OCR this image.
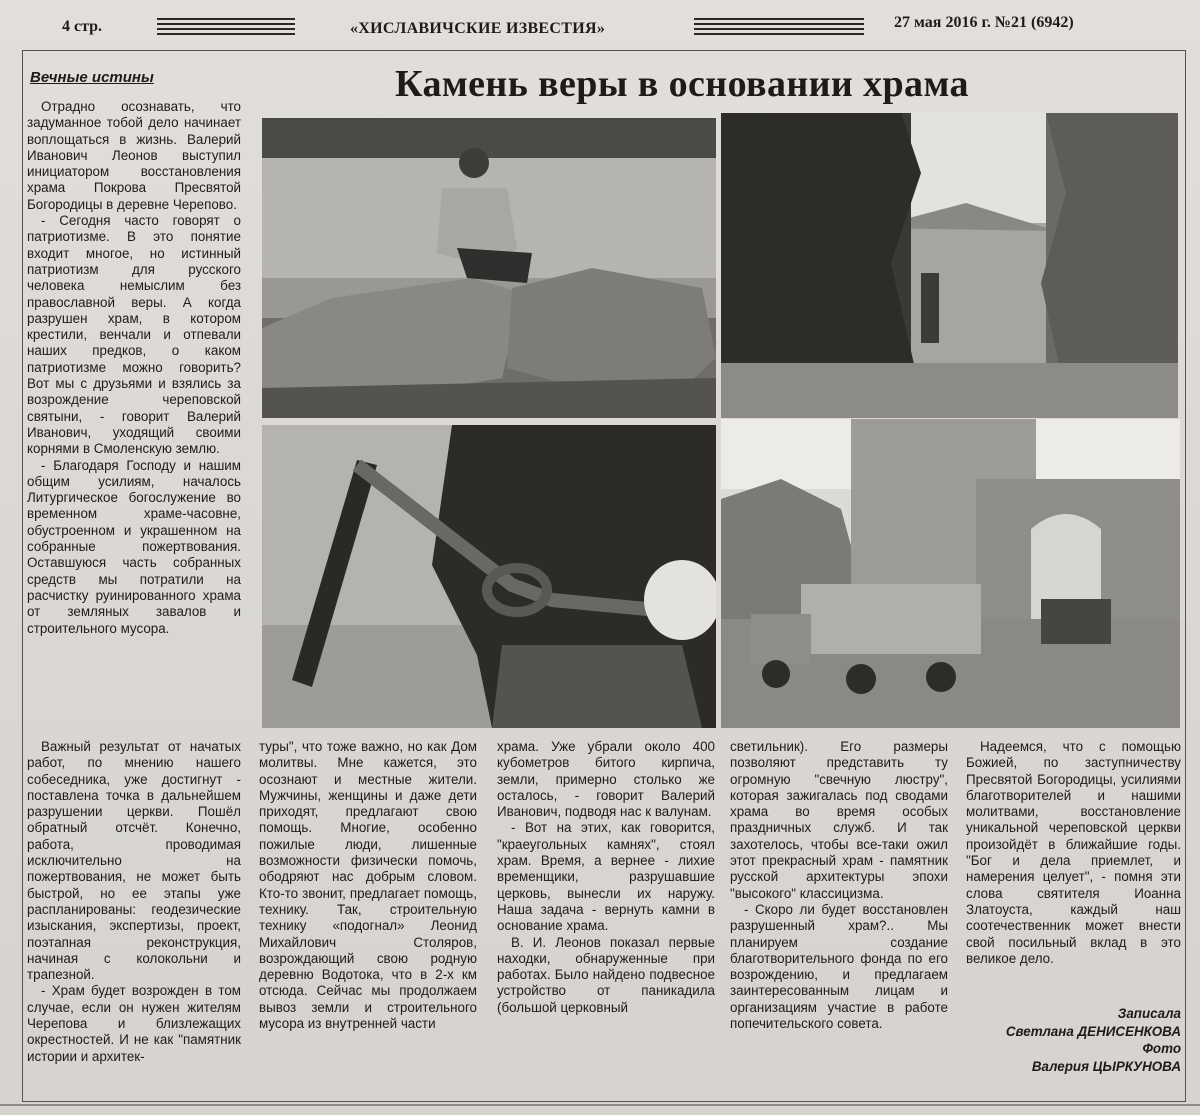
4 стр.	«ХИСЛАВИЧСКИЕ ИЗВЕСТИЯ»	27 мая 2016 г. №21 (6942)
Вечные истины	Камень веры в основании храма

Отрадно осознавать, что задуманное тобой дело начинает воплощаться в жизнь. Валерий Иванович Леонов выступил инициатором восстановления храма Покрова Пресвятой Богородицы в деревне Черепово.

- Сегодня часто говорят о патриотизме. В это понятие входит многое, но истинный патриотизм для русского человека немыслим без православной веры. А когда разрушен храм, в котором крестили, венчали и отпевали наших предков, о каком патриотизме можно говорить? Вот мы с друзьями и взялись за возрождение череповской святыни, - говорит Валерий Иванович, уходящий своими корнями в Смоленскую землю.

- Благодаря Господу и нашим общим усилиям, началось Литургическое богослужение во временном храме-часовне, обустроенном и украшенном на собранные пожертвования. Оставшуюся часть собранных средств мы потратили на расчистку руинированного храма от земляных завалов и строительного мусора.

Важный результат от начатых работ, по мнению нашего собеседника, уже достигнут - поставлена точка в дальнейшем разрушении церкви. Пошёл обратный отсчёт. Конечно, работа, проводимая исключительно на пожертвования, не может быть быстрой, но ее этапы уже распланированы: геодезические изыскания, экспертизы, проект, поэтапная реконструкция, начиная с колокольни и трапезной.

- Храм будет возрожден в том случае, если он нужен жителям Черепова и близлежащих окрестностей. И не как "памятник истории и архитек-

туры", что тоже важно, но как Дом молитвы. Мне кажется, это осознают и местные жители. Мужчины, женщины и даже дети приходят, предлагают свою помощь. Многие, особенно пожилые люди, лишенные возможности физически помочь, ободряют нас добрым словом. Кто-то звонит, предлагает помощь, технику. Так, строительную технику «подогнал» Леонид Михайлович Столяров, возрождающий свою родную деревню Водотока, что в 2-х км отсюда. Сейчас мы продолжаем вывоз земли и строительного мусора из внутренней части

храма. Уже убрали около 400 кубометров битого кирпича, земли, примерно столько же осталось, - говорит Валерий Иванович, подводя нас к валунам.

- Вот на этих, как говорится, "краеугольных камнях", стоял храм. Время, а вернее - лихие временщики, разрушавшие церковь, вынесли их наружу. Наша задача - вернуть камни в основание храма.

В. И. Леонов показал первые находки, обнаруженные при работах. Было найдено подвесное устройство от паникадила (большой церковный

светильник). Его размеры позволяют представить ту огромную "свечную люстру", которая зажигалась под сводами храма во время особых праздничных служб. И так захотелось, чтобы все-таки ожил этот прекрасный храм - памятник русской архитектуры эпохи "высокого" классицизма.

- Скоро ли будет восстановлен разрушенный храм?.. Мы планируем создание благотворительного фонда по его возрождению, и предлагаем заинтересованным лицам и организациям участие в работе попечительского совета.

Надеемся, что с помощью Божией, по заступничеству Пресвятой Богородицы, усилиями благотворителей и нашими молитвами, восстановление уникальной череповской церкви произойдёт в ближайшие годы. "Бог и дела приемлет, и намерения целует", - помня эти слова святителя Иоанна Златоуста, каждый наш соотечественник может внести свой посильный вклад в это великое дело.

Записала
Светлана ДЕНИСЕНКОВА
Фото
Валерия ЦЫРКУНОВА
